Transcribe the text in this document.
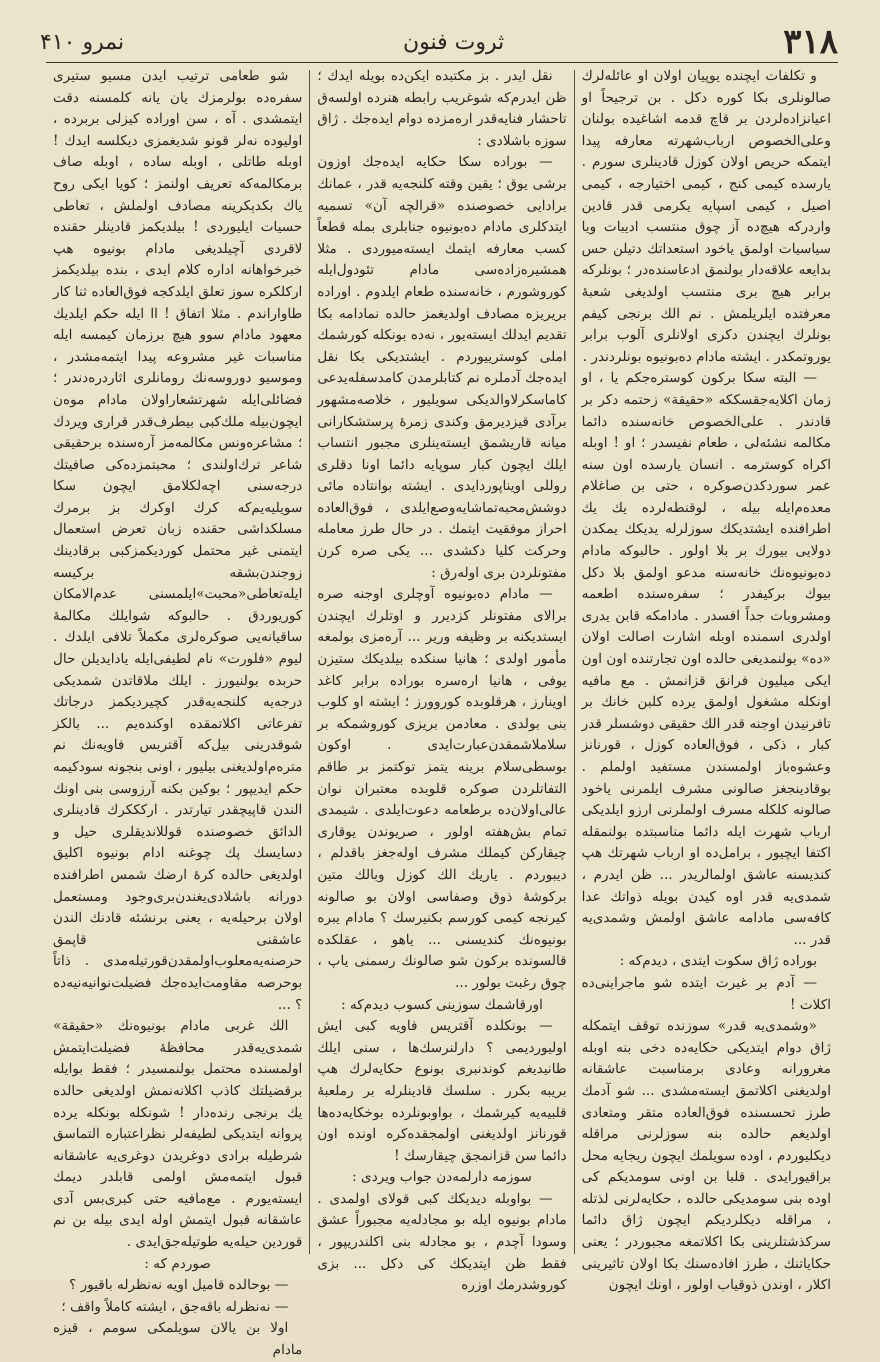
۳۱۸
ثروت فنون
نمرو ۴۱۰

و تكلفات ايچنده يوپيان اولان او عائله‌لرك صالونلرى بكا كوره دكل . بن ترجيحاً او اعيانزاده‌لردن بر قاچ قدمه اشاغيده بولنان وعلى‌الخصوص ارباب‌شهرته معارفه پيدا ايتمكه حريص اولان كوزل قادينلرى سورم . يارسده كيمى كنج ، كيمى اختيارجه ، كيمى اصيل ، كيمى اسپايه يكرمى قدر قادين واردركه هيچ‌ده آز چوق منتسب اديبات ويا سياسيات اولمق ياخود استعداتك دتيلن حس بدايعه علاقه‌دار بولنمق ادعاسنده‌در ؛ بونلركه برابر هيچ برى منتسب اولديغى شعبهٔ معرفتده ايلريلمش . نم الك برنجى كيفم بونلرك ايچندن دكرى اولانلرى آلوب برابر يوروتمكدر . ايشته مادام دەبونيوه بونلردندر .

— البته سكا بركون كوستره‌جكم يا ، او زمان اكلايه‌جقسككه «حقيقة» زحتمه دكر بر قادندر . على‌الخصوص خانه‌سنده دائما مكالمه نشئه‌لى ، طعام نفيسدر ؛ او ! اوبله اكراه كوسترمه . انسان يارسده اون سنه عمر سوردكدن‌صوكره ، حتى بن صاغلام معدەم‌ايله بيله ، لوقنطه‌لرده يك يك اطرافنده ايشتديكك سوزلرله يديكك يمكدن دولايى بيورك بر بلا اولور . حالبوكه مادام دەبونيوه‌نك خانه‌سنه مدعو اولمق بلا دكل بيوك بركيفدر ؛ سفره‌سنده اطعمه ومشروبات جداً افسدر . مادامكه قابن يدرى اولدرى اسمنده اوبله اشارت اصالت اولان «ده» بولنمديغى حالده اون تجارتنده اون اون ايكى ميليون فرانق قزانمش . مع مافيه اونكله مشغول اولمق يرده كلبن خانك بر تافرنيدن اوجنه قدر الك حقيقى دوشسلر قدر كبار ، ذكى ، فوق‌العاده كوزل ، قورنانز وعشوه‌باز اولمسندن مستفيد اولملم . بوقادينجغز صالونى مشرف ايلمرنى ياخود صالونه كلكله مسرف اولملرنى ارزو ايلديكى ارباب شهرت ايله دائما مناسبتده بولنمقله اكتفا ايچيور ، برامل‌ده او ارباب شهرتك هپ كنديسنه عاشق اولمالريدر ... ظن ايدرم ، شمدى‌يه قدر اوه كيدن بويله ذواتك عدا كافه‌سى مادامه عاشق اولمش وشمدى‌يه قدر ...

بوراده ژاق سكوت ايتدى ، ديدم‌كه :

— آدم بر غيرت ايتده شو ماجراينى‌ده اكلات !

«وشمدى‌يه قدر» سوزنده توقف ايتمكله ژاق دوام ايتديكى حكايه‌ده دخى بنه اوبله مغرورانه وعادى برمناسبت عاشقانه اولديغنى اكلاتمق ايسته‌مشدى ... شو آدمك طرز تحسسنده فوق‌العاده متقر ومتعادى اولديغم حالده بنه سوزلرنى مراقله ديكليوردم ، اوده سويلمك ايچون ريجايه محل براقيورايدى . قلبا بن اونى سومديكم كى اوده بنى سومديكى حالده ، حكايه‌لرنى لذتله ، مراقله ديكلرديكم ايچون ژاق دائما سركذشتلرينى بكا اكلاتمغه مجبوردر ؛ يعنى حكاياتنك ، طرز افاده‌سنك بكا اولان تاثيرينى اكلار ، اوندن ذوقياب اولور ، اونك ايچون

نقل ايدر . بز مكتبده ايكن‌ده بويله ايدك ؛ ظن ايدرم‌كه شوغريب رابطه هنرده اولسه‌ق تاحشار فنايه‌قدر ارەمزده دوام ايده‌جك . ژاق سوزه باشلادى :

— بوراده سكا حكايه ايده‌جك اوزون برشى يوق ؛ يقين وقته كلنجه‌يه قدر ، عمانك برادايى خصوصنده «قرالچه آن» تسميه ايتدكلرى مادام دەبونيوه جنابلرى بمله قطعاً كسب معارفه ايتمك ايسته‌ميوردى . مثلا همشيره‌زاده‌سى مادام تئودول‌ايله كوروشورم ، خانه‌سنده طعام ايلدوم . اوراده بريريزه مصادف اولديغمز حالده نمادامه بكا تقديم ايدلك ايسته‌يور ، نه‌ده بونكله كورشمك املى كوسترييوردم . ايشتديكى بكا نقل ايده‌جك آدملره نم كتابلرمدن كامدسفلەيدعى كاماسكرلاوالديكى سويليور ، خلاصه‌مشهور برآدى قيزديرمق وكندى زمرهٔ پرستشكارانى ميانه قاريشمق ايسته‌ينلرى مجبور انتساب ايلك ايچون كبار سوپايه دائما اونا دقلرى روللى اويناپوردايدى . ايشته بوانتاده مائى دوشش‌محبه‌تماشايه‌وصع‌ايلدى ، فوق‌العاده احراز موفقيت ايتمك . در حال طرز معامله وحركت كليا دكشدى ... يكى صره كرن مفتونلردن برى اوله‌رق :

— مادام دەبونيوه آوچلرى اوجنه صره برالاى مفتونلر كزديرر و اوتلرك ايچندن ايستديكنه بر وظيفه ورير ... آره‌مزى بولمغه مأمور اولدى ؛ هانيا سنكده بيلديكك ستيزن يوفى ، هانيا ارەسره بوراده برابر كاغد اوينارز ، هرقلوبده كوروورز ؛ ايشته او كلوب بنى بولدى . معادمن بريزى كوروشمكه بر سلاملاشمقدن‌عبارت‌ايدى . اوكون بوسطى‌سلام برينه يتمز توكتمز بر طاقم التفاتلردن صوكره قلوبده معتبران نوان عالى‌اولان‌ده برطعامه دعوت‌ايلدى . شيمدى تمام بش‌هفته اولور ، صريوندن يوقارى چيقاركن كيملك مشرف اوله‌جغز باقدلم ، ديبوردم . ياريك الك كوزل وبالك متين بركوشهٔ ذوق وصفاسى اولان بو صالونه كيرنجه كيمى كورسم بكنيرسك ؟ مادام يبره‌ بونيوه‌نك كنديسنى ... ياهو ، عقلكده قالسونده بركون شو صالونك رسمنى ياپ ، چوق رغبت بولور ...

اورقاشمك سوزينى كسوب ديدم‌كه :

— بونكلده آقتريس فاويه كبى ايش اوليورديمى ؟ دارلنرسك‌ها ، سنى ايلك طانيديغم كوندنبرى بونوع حكايه‌لرك هپ بريبه بكرر . سلسك قادينلرله بر رملعبهٔ قلبيه‌يه كيرشمك ، بواوبونلرده بوخكايه‌ده‌ها قورنانز اولديغنى اولمجقده‌كره اونده اون دائما سن قزانمجق چيقارسك !

سوزمه دارلمه‌دن جواب ويردى :

— بواوبله ديديكك كبى قولاى اولمدى . مادام بونيوه ايله بو مجادله‌يه مجبوراً عشق وسودا آچدم ، بو مجادله بنى اكلندريپور ، فقط ظن ايتديكك كى دكل ... بزى كوروشدرمك اوزره

شو طعامى ترتيب ايدن مسيو ستيرى سفره‌ده بولرمزك يان يانه كلمسنه دقت ايتمشدى . آه ، سن اوراده كيزلى بربرده ، اوليوده نه‌لر قونو شديغمزى ديكلسه ايدك ! اوبله طاتلى ، اوبله ساده ، اوبله صاف برمكالمه‌كه تعريف اولنمز ؛ كويا ايكى روح ياك بكدېكرينه مصادف اولملش ، تعاطى حسيات ايليوردى ! بيلديكمز قادينلر حقنده لاقردى آچيلديغى مادام بونيوه هپ خبرخواهانه اداره كلام ايدى ، بنده بيلديكمز اركلكره سوز تعلق ايلدكجه فوق‌العاده ثنا كار طاواراندم . مثلا اتفاق ! اا ايله حكم ايلديك معهود مادام سوو هيچ برزمان كيمسه ايله مناسبات غير مشروعه پيدا ايتمه‌مشدر ، وموسيو دوروسه‌نك رومانلرى اثاردرەدندر ؛ فضائلى‌ايله شهرتشعاراولان مادام موەن ايچون‌بيله ملك‌كبى بيطرف‌قدر قرارى ويردك ؛ مشاعره‌ونس مكالمه‌مز آره‌سنده برحقيقى شاعر ترك‌اولندى ؛ محبتمزده‌كى صافيتك درجه‌سنى اچه‌لكلامق ايچون سكا سويليەيم‌كه كرك اوكرك بز برمرك مسلكداشى حقنده زبان تعرض استعمال ايتمنى غير محتمل كورديكمزكبى برقادينك زوجندن‌بشقه بركيسه ايله‌تعاطى«محبت»ايلمسنى عدم‌الامكان كوريوردق . حالبوكه شوايلك مكالمهٔ ساقيانه‌يى صوكره‌لرى مكملاً تلافى ايلدك . ليوم «فلورت» نام لطيفى‌ايله يادايديلن حال حربده بولنيورز . ايلك ملاقاتدن شمديكى درجه‌يه كلنجه‌يه‌قدر كچيرديكمز درجاتك تفرعاتى اكلاتمقده اوكنده‌يم ... بالكز شوقدرينى بيل‌كه آقتريس فاويه‌نك نم مترەم‌اولديغنى بيليور ، اونى بنجونه سودكيمه حكم ايديپور ؛ بوكين بكنه آرزوسى بنى اونك الندن قاپيچقدر تيارتدر . اركككرك قادينلرى الدائق خصوصنده قوللانديقلرى حيل و دسايسك پك چوغنه ادام بونيوه اكليق اولديغى حالده كرهٔ ارضك شمس اطرافنده دورانه باشلادى‌يغندن‌برى‌وجود ومستعمل اولان برحيله‌يه ، يعنى برنشئه قادنك الندن عاشقنى قاپمق حرصنه‌يه‌معلوب‌اولمقدن‌قورتيله‌مدى . ذاتاً بوحرصه مقاومت‌ايده‌جك فضيلت‌نوانيه‌نيه‌ده ؟ ...

الك غربى مادام بونيوه‌نك «حقيقة» شمدى‌يه‌قدر محافظهٔ فضيلت‌ايتمش اولمسنده محتمل بولنمسيدر ؛ فقط بوايله برقضيلتك كاذب اكلانه‌نمش اولديغى حالده يك برنجى رنده‌دار ! شونكله بونكله يرده پروانه ايتديكى لطيفه‌لر نظراعتباره التماسق شرطيله برادى دوغريدن دوغرى‌يه عاشقانه قبول ايتمه‌مش اولمى قابلدر ديمك ايستەيورم . مع‌مافيه حتى كبرى‌بس آدى عاشقانه قبول ايتمش اوله ايدى بيله بن نم قوردين حيلەيه طوتيله‌جق‌ايدى .

صوردم كه :

— بوحالده قاميل اويه نه‌نظرله باقيور ؟

— نه‌نظرله باقه‌جق ، ايشته كاملاً واقف ؛

اولا بن يالان سويلمكى سومم ، قيزه مادام
